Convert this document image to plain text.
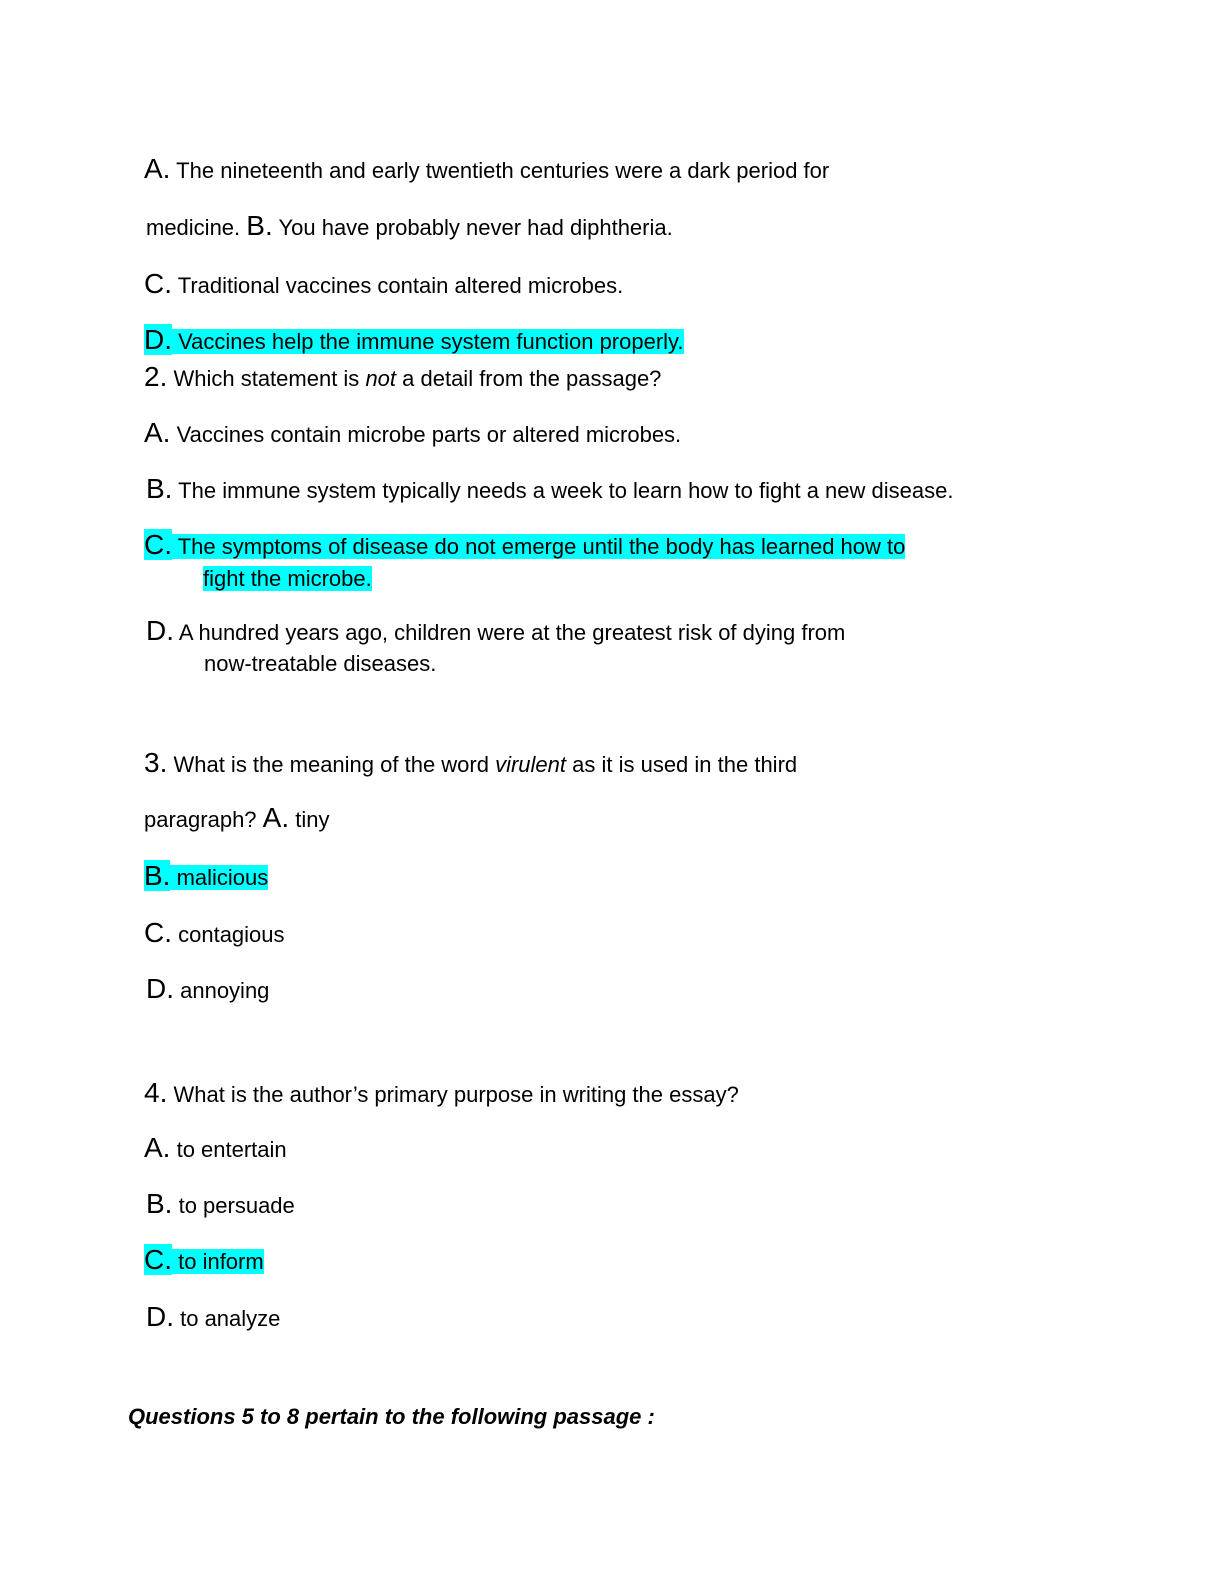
A. The nineteenth and early twentieth centuries were a dark period for
medicine. B. You have probably never had diphtheria.
C. Traditional vaccines contain altered microbes.
D. Vaccines help the immune system function properly.
2. Which statement is not a detail from the passage?
A. Vaccines contain microbe parts or altered microbes.
B. The immune system typically needs a week to learn how to fight a new disease.
C. The symptoms of disease do not emerge until the body has learned how to
fight the microbe.
D. A hundred years ago, children were at the greatest risk of dying from
now-treatable diseases.
3. What is the meaning of the word virulent as it is used in the third
paragraph? A. tiny
B. malicious
C. contagious
D. annoying
4. What is the author’s primary purpose in writing the essay?
A. to entertain
B. to persuade
C. to inform
D. to analyze
Questions 5 to 8 pertain to the following passage :
